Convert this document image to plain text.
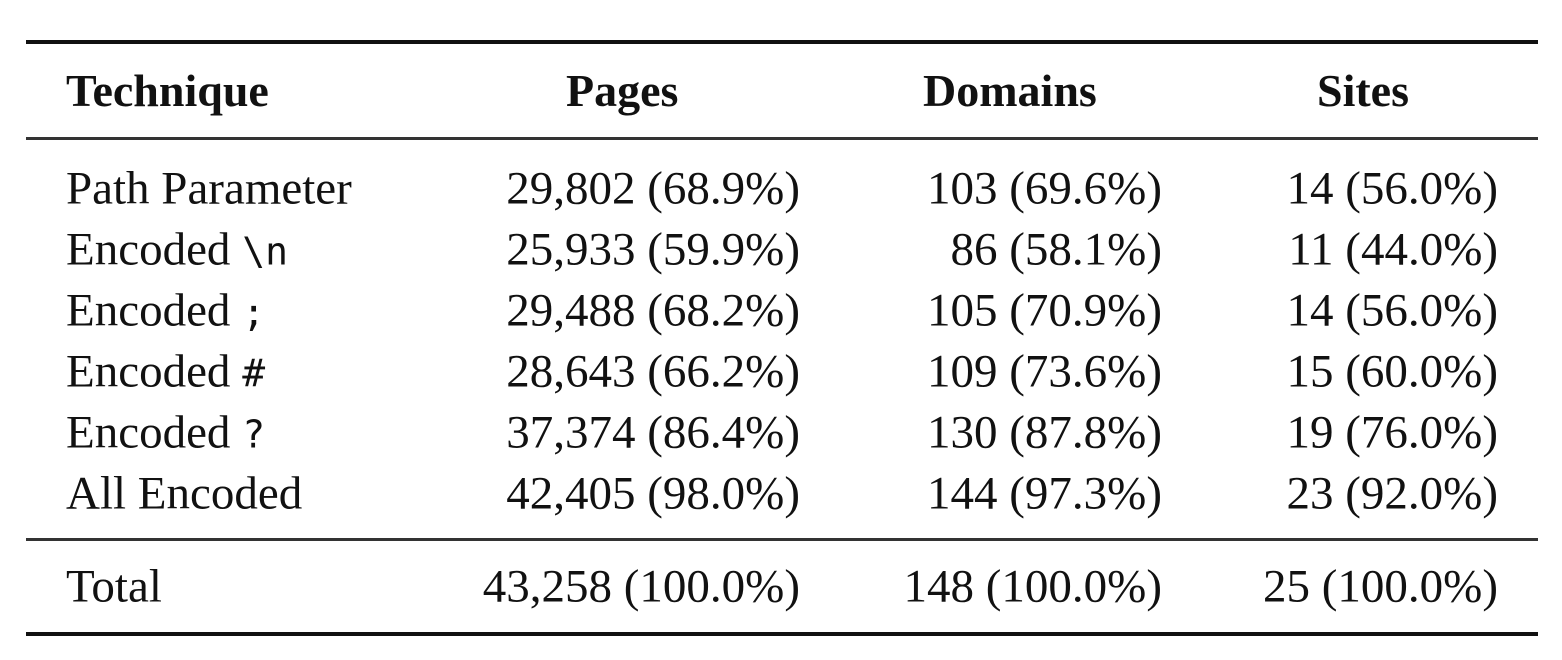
Technique	Pages	Domains	Sites
Path Parameter	29,802 (68.9%)	103 (69.6%)	14 (56.0%)
Encoded \n	25,933 (59.9%)	86 (58.1%)	11 (44.0%)
Encoded ;	29,488 (68.2%)	105 (70.9%)	14 (56.0%)
Encoded #	28,643 (66.2%)	109 (73.6%)	15 (60.0%)
Encoded ?	37,374 (86.4%)	130 (87.8%)	19 (76.0%)
All Encoded	42,405 (98.0%)	144 (97.3%)	23 (92.0%)
Total	43,258 (100.0%) 148 (100.0%) 25 (100.0%)
